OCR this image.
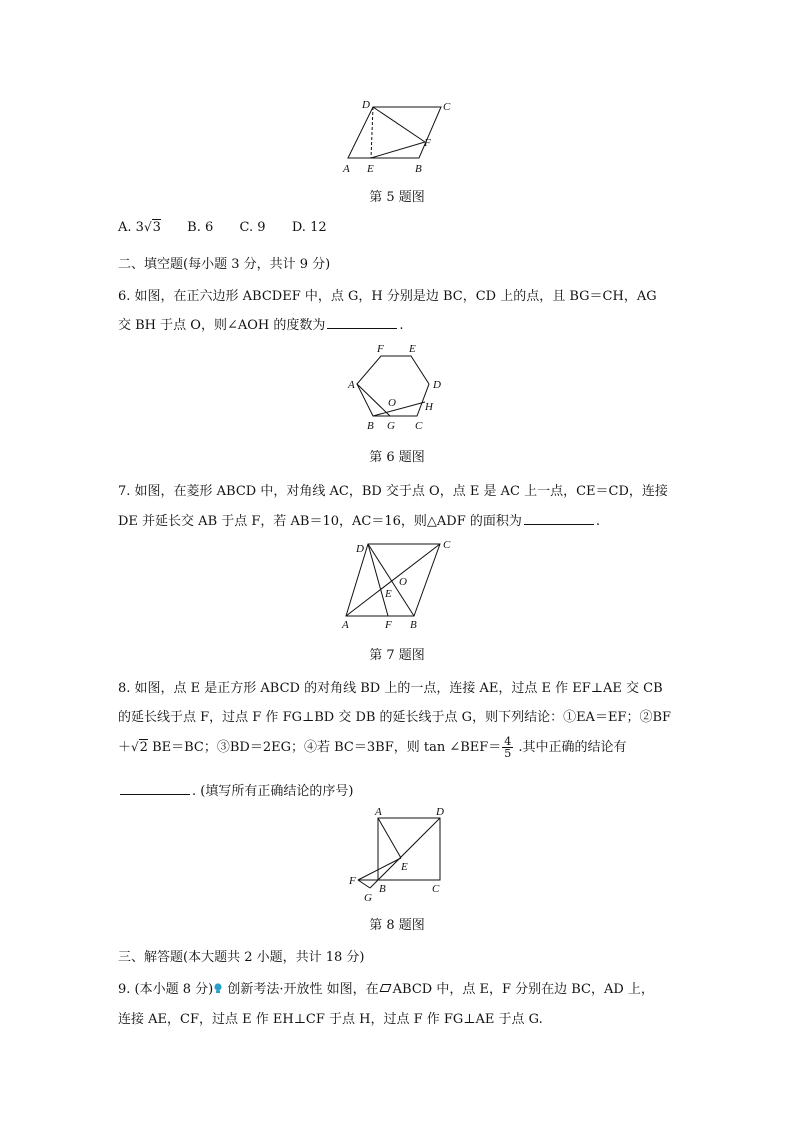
D	C
F
A E	B
第 5 题图
A. 3√3 B. 6 C. 9 D. 12
二、填空题(每小题 3 分，共计 9 分)
6. 如图，在正六边形 ABCDEF 中，点 G，H 分别是边 BC，CD 上的点，且 BG＝CH，AG
交 BH 于点 O，则∠AOH 的度数为	.
F E
A	D
O	H
B G C
第 6 题图
7. 如图，在菱形 ABCD 中，对角线 AC，BD 交于点 O，点 E 是 AC 上一点，CE＝CD，连接
DE 并延长交 AB 于点 F，若 AB＝10，AC＝16，则△ADF 的面积为	.
D	C
O
E
A	F B
第 7 题图
8. 如图，点 E 是正方形 ABCD 的对角线 BD 上的一点，连接 AE，过点 E 作 EF⊥AE 交 CB
的延长线于点 F，过点 F 作 FG⊥BD 交 DB 的延长线于点 G，则下列结论：①EA＝EF；②BF
＋√2 BE＝BC；③BD＝2EG；④若 BC＝3BF，则 tan ∠BEF＝ $\frac{4}{5}$ .其中正确的结论有
. (填写所有正确结论的序号)
A	D
E
F
B	C
G
第 8 题图
三、解答题(本大题共 2 小题，共计 18 分)
9. (本小题 8 分) 创新考法·开放性 如图，在 ABCD 中，点 E，F 分别在边 BC，AD 上，
连接 AE，CF，过点 E 作 EH⊥CF 于点 H，过点 F 作 FG⊥AE 于点 G.
